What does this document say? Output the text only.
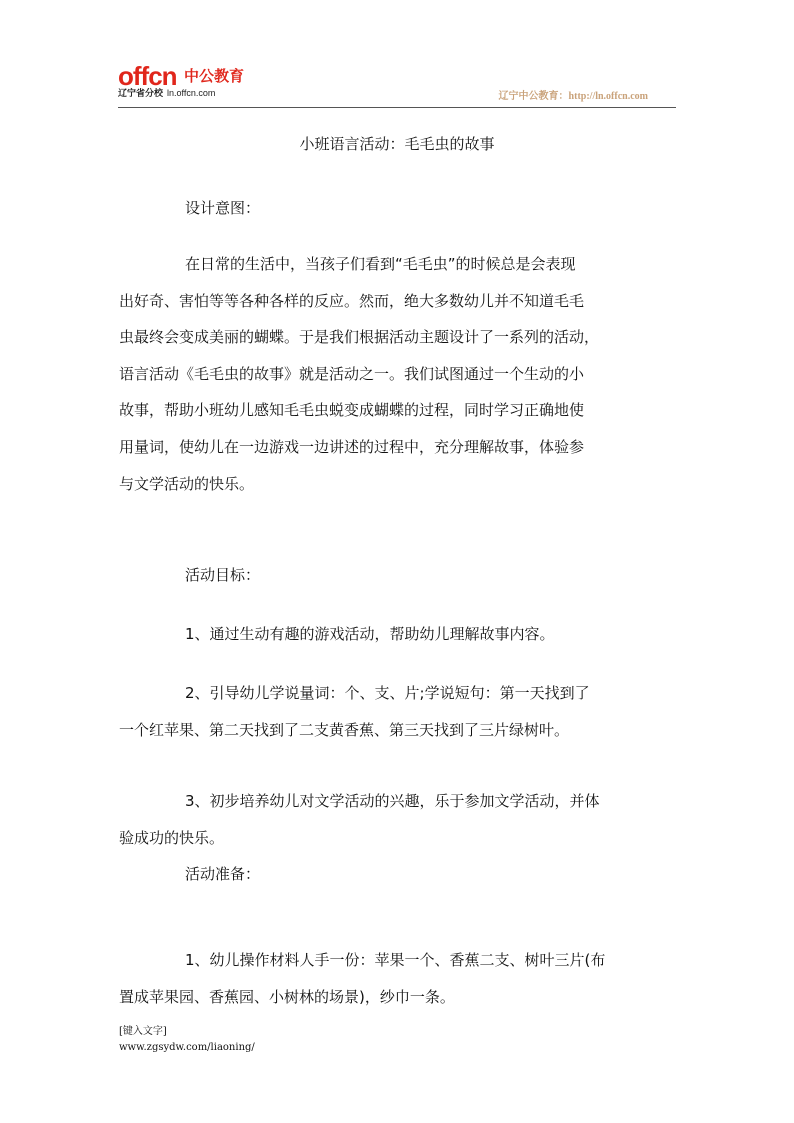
offcn 中公教育
辽宁省分校 ln.offcn.com	辽宁中公教育：http://ln.offcn.com
小班语言活动：毛毛虫的故事
设计意图：
在日常的生活中，当孩子们看到“毛毛虫”的时候总是会表现
出好奇、害怕等等各种各样的反应。然而，绝大多数幼儿并不知道毛毛
虫最终会变成美丽的蝴蝶。于是我们根据活动主题设计了一系列的活动，
语言活动《毛毛虫的故事》就是活动之一。我们试图通过一个生动的小
故事，帮助小班幼儿感知毛毛虫蜕变成蝴蝶的过程，同时学习正确地使
用量词，使幼儿在一边游戏一边讲述的过程中，充分理解故事，体验参
与文学活动的快乐。
活动目标：
1、通过生动有趣的游戏活动，帮助幼儿理解故事内容。
2、引导幼儿学说量词：个、支、片;学说短句：第一天找到了
一个红苹果、第二天找到了二支黄香蕉、第三天找到了三片绿树叶。
3、初步培养幼儿对文学活动的兴趣，乐于参加文学活动，并体
验成功的快乐。
活动准备：
1、幼儿操作材料人手一份：苹果一个、香蕉二支、树叶三片(布
置成苹果园、香蕉园、小树林的场景)，纱巾一条。
[键入文字]
www.zgsydw.com/liaoning/
